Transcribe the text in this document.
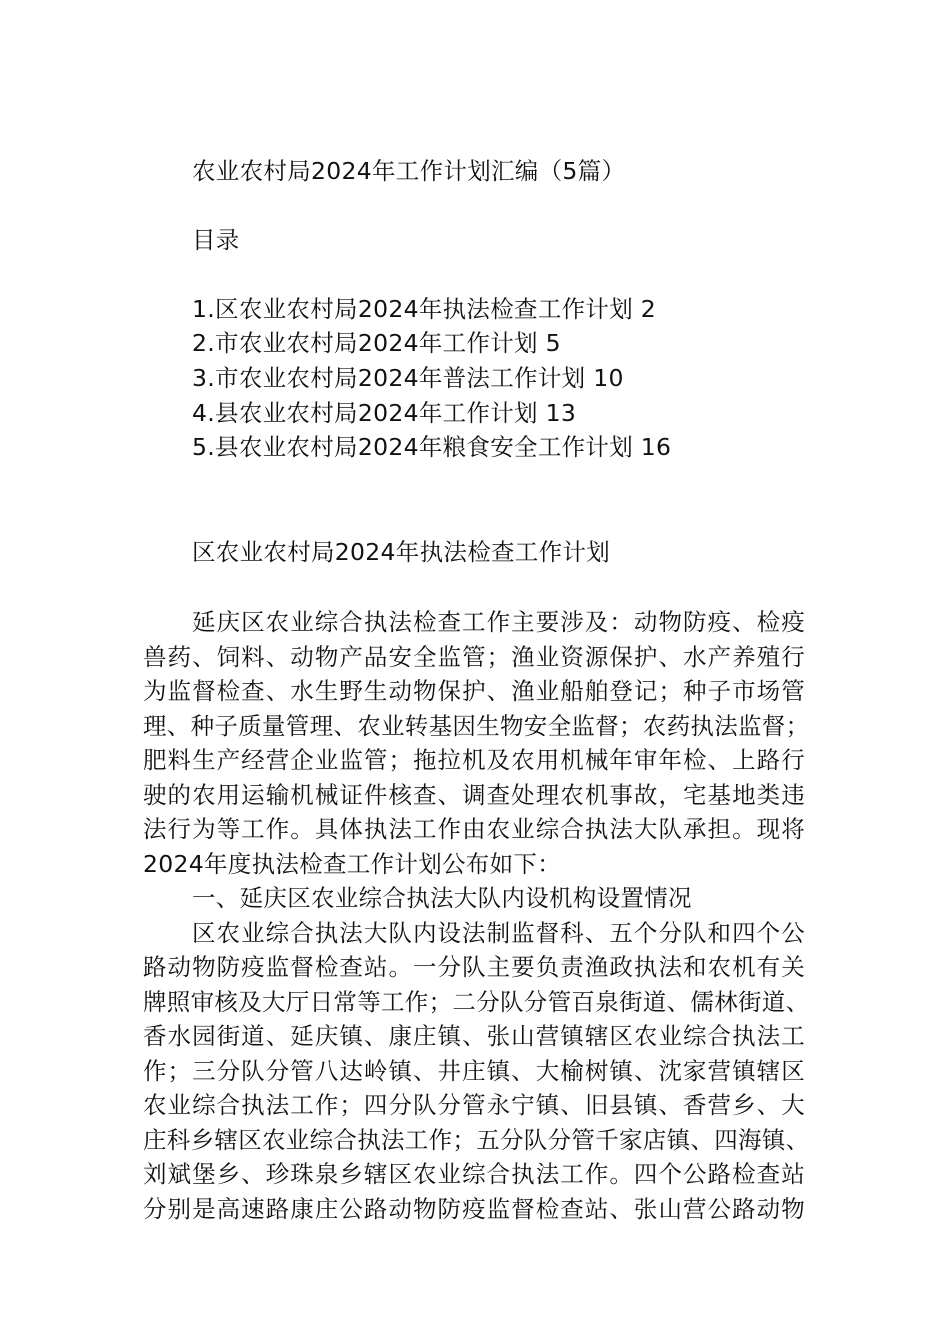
农业农村局2024年工作计划汇编（5篇）
目录
1.区农业农村局2024年执法检查工作计划 2
2.市农业农村局2024年工作计划 5
3.市农业农村局2024年普法工作计划 10
4.县农业农村局2024年工作计划 13
5.县农业农村局2024年粮食安全工作计划 16
区农业农村局2024年执法检查工作计划
延庆区农业综合执法检查工作主要涉及：动物防疫、检疫
兽药、饲料、动物产品安全监管；渔业资源保护、水产养殖行
为监督检查、水生野生动物保护、渔业船舶登记；种子市场管
理、种子质量管理、农业转基因生物安全监督；农药执法监督；
肥料生产经营企业监管；拖拉机及农用机械年审年检、上路行
驶的农用运输机械证件核查、调查处理农机事故，宅基地类违
法行为等工作。具体执法工作由农业综合执法大队承担。现将
2024年度执法检查工作计划公布如下：
一、延庆区农业综合执法大队内设机构设置情况
区农业综合执法大队内设法制监督科、五个分队和四个公
路动物防疫监督检查站。一分队主要负责渔政执法和农机有关
牌照审核及大厅日常等工作；二分队分管百泉街道、儒林街道、
香水园街道、延庆镇、康庄镇、张山营镇辖区农业综合执法工
作；三分队分管八达岭镇、井庄镇、大榆树镇、沈家营镇辖区
农业综合执法工作；四分队分管永宁镇、旧县镇、香营乡、大
庄科乡辖区农业综合执法工作；五分队分管千家店镇、四海镇、
刘斌堡乡、珍珠泉乡辖区农业综合执法工作。四个公路检查站
分别是高速路康庄公路动物防疫监督检查站、张山营公路动物
